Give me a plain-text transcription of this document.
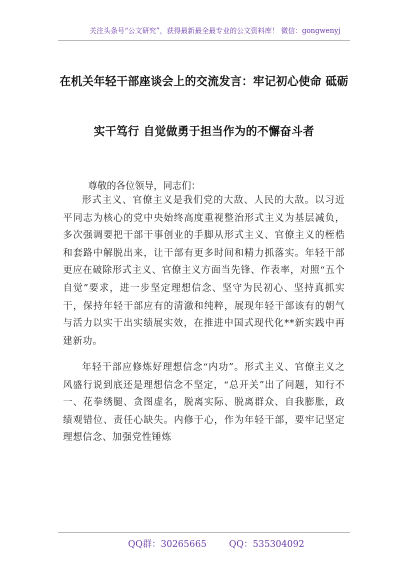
关注头条号“公文研究”，获得最新最全最专业的公文资料库！ 微信：gongwenyj
在机关年轻干部座谈会上的交流发言：牢记初心使命 砥砺
实干笃行 自觉做勇于担当作为的不懈奋斗者
尊敬的各位领导，同志们：
形式主义、官僚主义是我们党的大敌、人民的大敌。以习近平同志为核心的党中央始终高度重视整治形式主义为基层减负，多次强调要把干部干事创业的手脚从形式主义、官僚主义的桎梏和套路中解脱出来，让干部有更多时间和精力抓落实。年轻干部更应在破除形式主义、官僚主义方面当先锋、作表率，对照“五个自觉”要求，进一步坚定理想信念、坚守为民初心、坚持真抓实干，保持年轻干部应有的清澈和纯粹，展现年轻干部该有的朝气与活力以实干出实绩展实效，在推进中国式现代化**新实践中再建新功。
年轻干部应修炼好理想信念“内功”。形式主义、官僚主义之风盛行说到底还是理想信念不坚定，“总开关”出了问题，知行不一、花拳绣腿、贪图虚名，脱离实际、脱离群众、自我膨胀，政绩观错位、责任心缺失。内修于心，作为年轻干部，要牢记坚定理想信念、加强党性锤炼
QQ群：30265665 QQ：535304092
